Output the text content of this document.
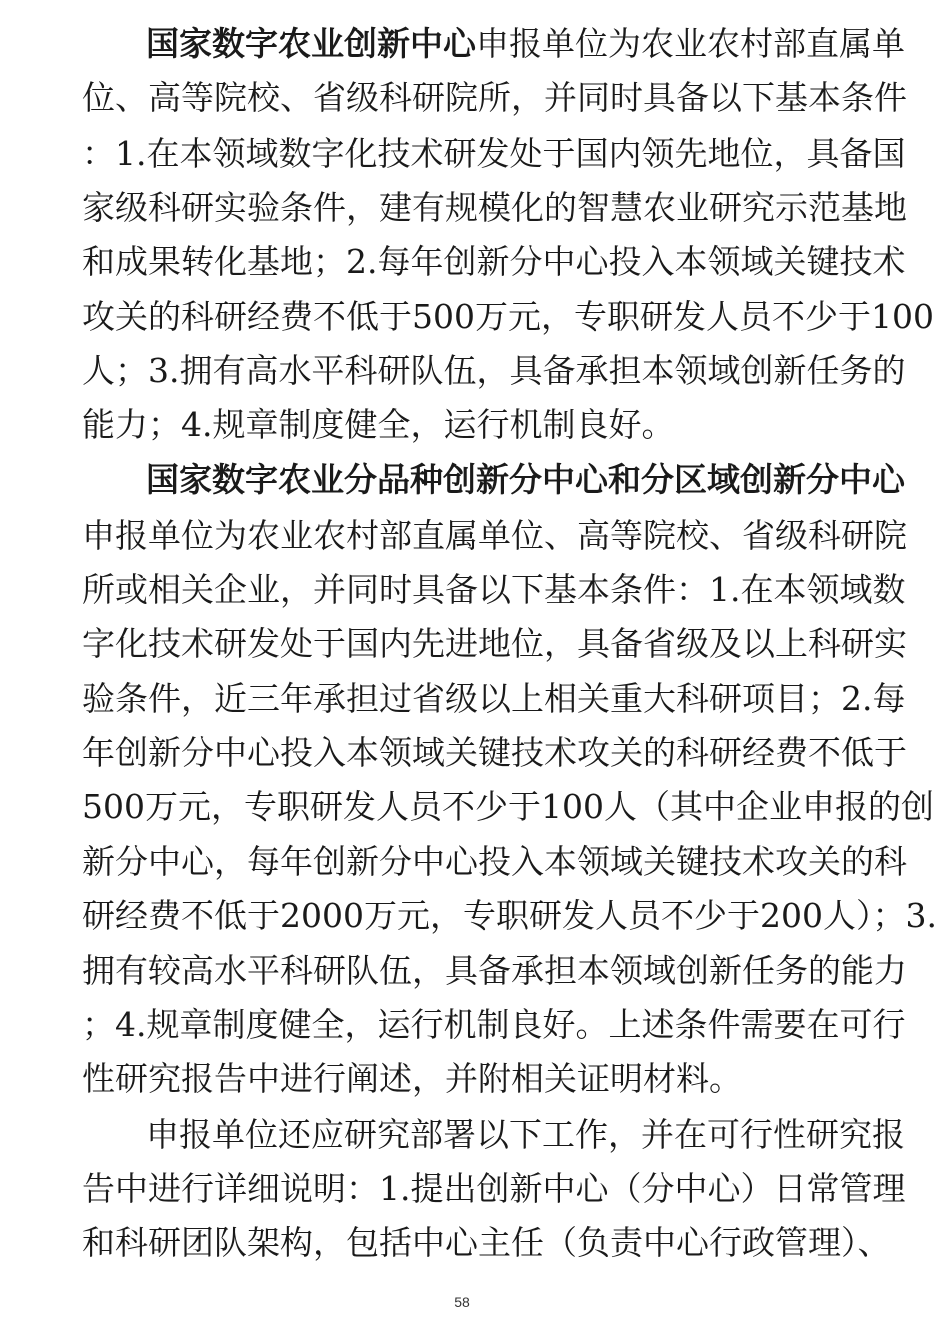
国家数字农业创新中心申报单位为农业农村部直属单
位、高等院校、省级科研院所，并同时具备以下基本条件
：1.在本领域数字化技术研发处于国内领先地位，具备国
家级科研实验条件，建有规模化的智慧农业研究示范基地
和成果转化基地；2.每年创新分中心投入本领域关键技术
攻关的科研经费不低于500万元，专职研发人员不少于100
人；3.拥有高水平科研队伍，具备承担本领域创新任务的
能力；4.规章制度健全，运行机制良好。
国家数字农业分品种创新分中心和分区域创新分中心
申报单位为农业农村部直属单位、高等院校、省级科研院
所或相关企业，并同时具备以下基本条件：1.在本领域数
字化技术研发处于国内先进地位，具备省级及以上科研实
验条件，近三年承担过省级以上相关重大科研项目；2.每
年创新分中心投入本领域关键技术攻关的科研经费不低于
500万元，专职研发人员不少于100人（其中企业申报的创
新分中心，每年创新分中心投入本领域关键技术攻关的科
研经费不低于2000万元，专职研发人员不少于200人）；3.
拥有较高水平科研队伍，具备承担本领域创新任务的能力
；4.规章制度健全，运行机制良好。上述条件需要在可行
性研究报告中进行阐述，并附相关证明材料。
申报单位还应研究部署以下工作，并在可行性研究报
告中进行详细说明：1.提出创新中心（分中心）日常管理
和科研团队架构，包括中心主任（负责中心行政管理）、
58
